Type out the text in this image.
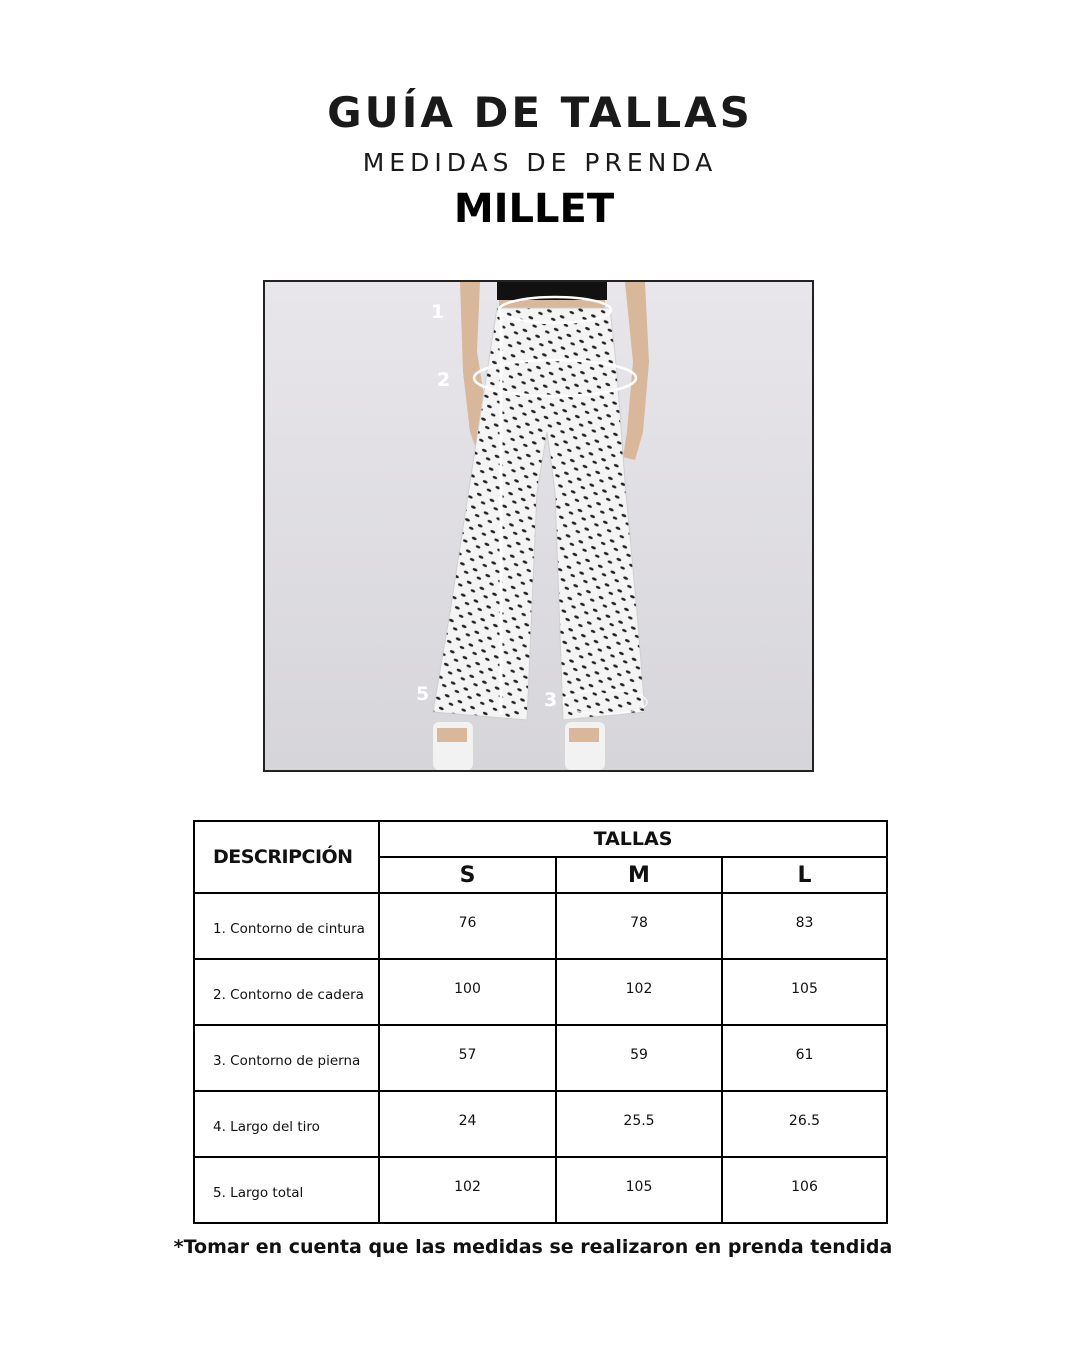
GUÍA DE TALLAS
MEDIDAS DE PRENDA
MILLET
1
2
5	3
DESCRIPCIÓN	TALLAS		
	S	M	L
1. Contorno de cintura	76	78	83
2. Contorno de cadera	100	102	105
3. Contorno de pierna	57	59	61
4. Largo del tiro	24	25.5	26.5
5. Largo total	102	105	106
*Tomar en cuenta que las medidas se realizaron en prenda tendida
